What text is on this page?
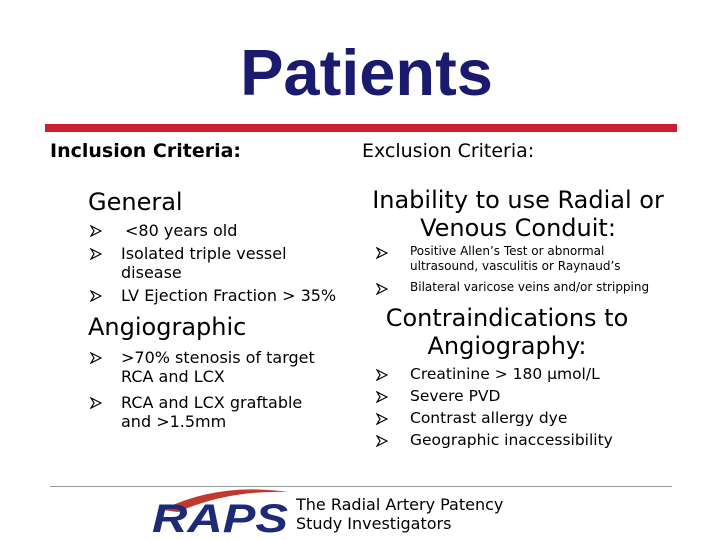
Patients
Inclusion Criteria:	Exclusion Criteria:
General
<80 years old
Isolated triple vessel disease
LV Ejection Fraction > 35%
Angiographic
>70% stenosis of target RCA and LCX
RCA and LCX graftable and >1.5mm
Inability to use Radial or Venous Conduit:
Positive Allen’s Test or abnormal ultrasound, vasculitis or Raynaud’s
Bilateral varicose veins and/or stripping
Contraindications to Angiography:
Creatinine > 180 µmol/L
Severe PVD
Contrast allergy dye
Geographic inaccessibility
RAPS The Radial Artery Patency Study Investigators
